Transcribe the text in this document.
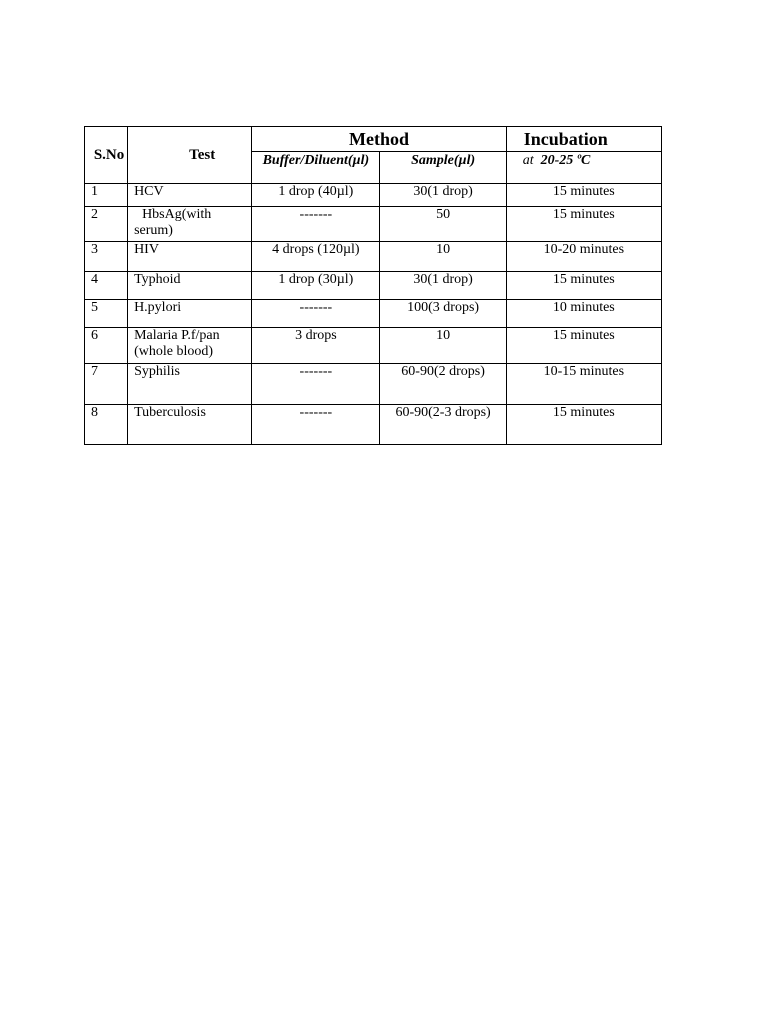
S.No	Test	Method		Incubation
		Buffer/Diluent(µl)	Sample(µl)	at 20-25 ºC
1	HCV	1 drop (40µl)	30(1 drop)	15 minutes
2	HbsAg(with serum)	-------	50	15 minutes
3	HIV	4 drops (120µl)	10	10-20 minutes
4	Typhoid	1 drop (30µl)	30(1 drop)	15 minutes
5	H.pylori	-------	100(3 drops)	10 minutes
6	Malaria P.f/pan (whole blood)	3 drops	10	15 minutes
7	Syphilis	-------	60-90(2 drops)	10-15 minutes
8	Tuberculosis	-------	60-90(2-3 drops)	15 minutes
